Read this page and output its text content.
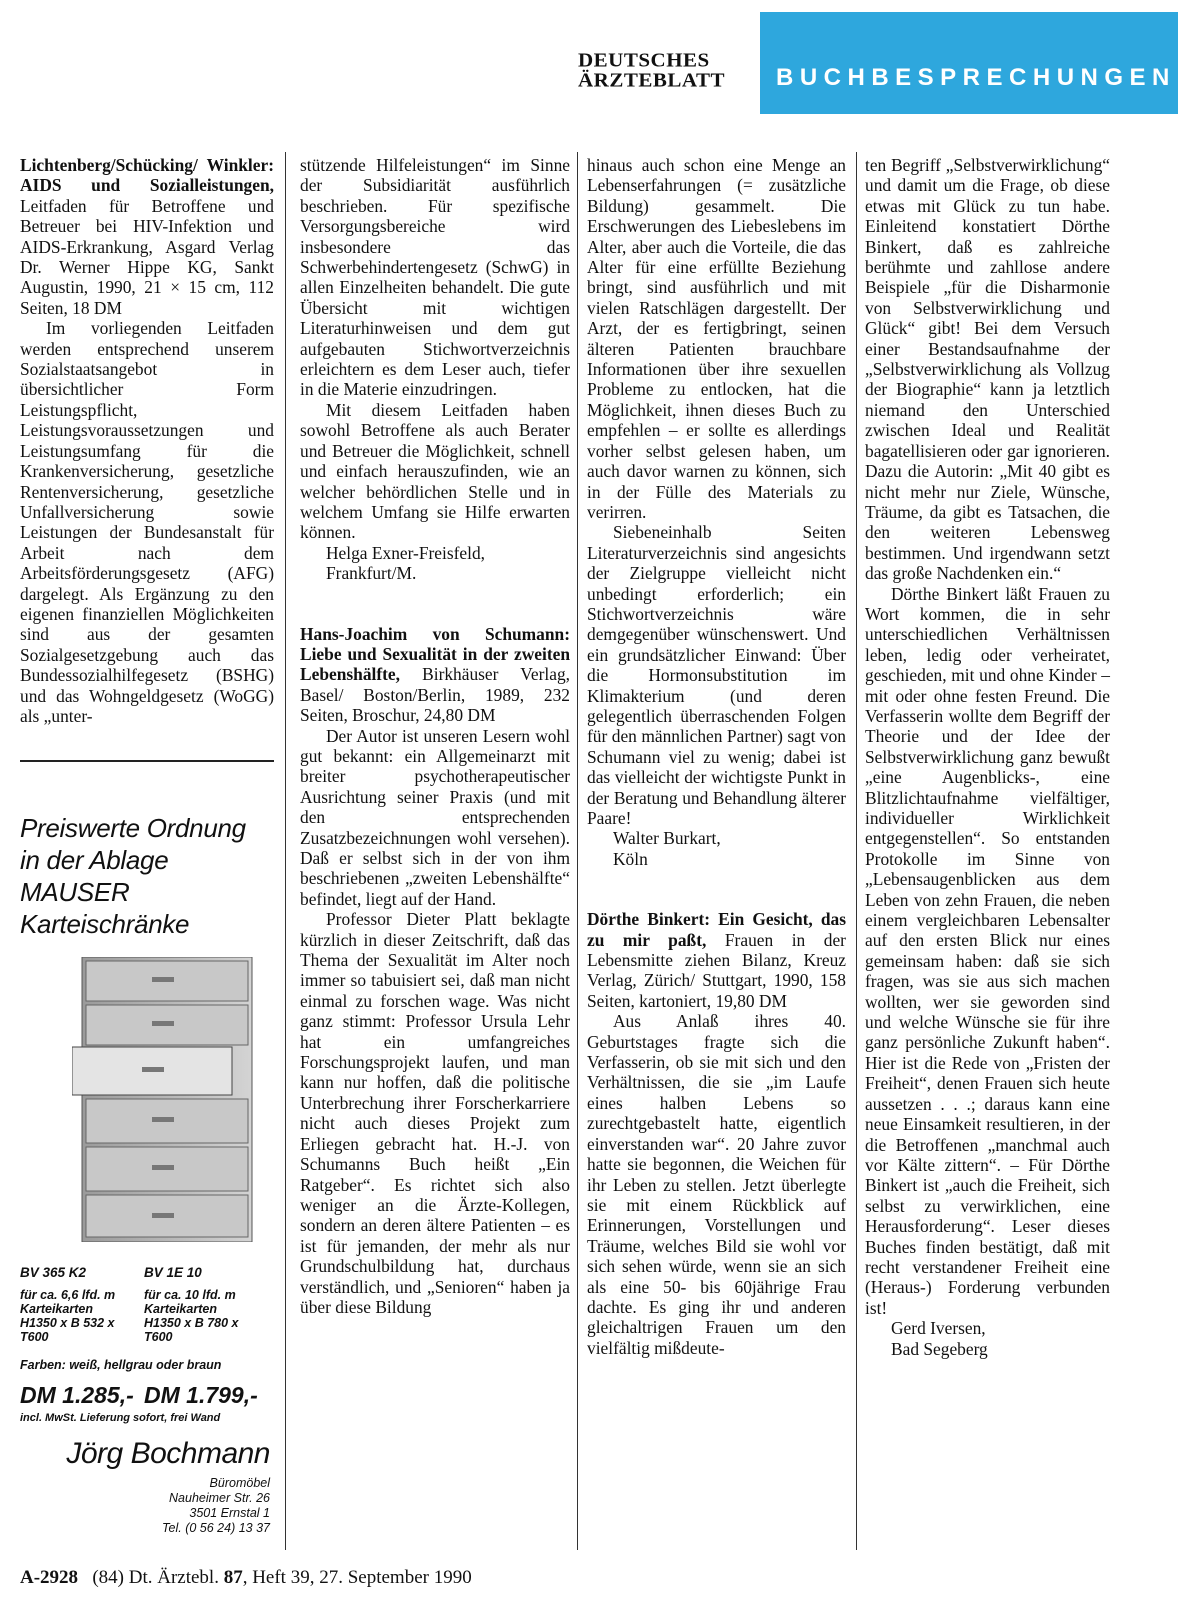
DEUTSCHES
ÄRZTEBLATT	BUCHBESPRECHUNGEN

Lichtenberg/Schücking/ Winkler: AIDS und Sozialleistungen, Leitfaden für Betroffene und Betreuer bei HIV-Infektion und AIDS-Erkrankung, Asgard Verlag Dr. Werner Hippe KG, Sankt Augustin, 1990, 21 × 15 cm, 112 Seiten, 18 DM

Im vorliegenden Leitfaden werden entsprechend unserem Sozialstaatsangebot in übersichtlicher Form Leistungspflicht, Leistungsvoraussetzungen und Leistungsumfang für die Krankenversicherung, gesetzliche Rentenversicherung, gesetzliche Unfallversicherung sowie Leistungen der Bundesanstalt für Arbeit nach dem Arbeitsförderungsgesetz (AFG) dargelegt. Als Ergänzung zu den eigenen finanziellen Möglichkeiten sind aus der gesamten Sozialgesetzgebung auch das Bundessozialhilfegesetz (BSHG) und das Wohngeldgesetz (WoGG) als „unter-

Preiswerte Ordnung
in der Ablage
MAUSER
Karteischränke
BV 365 K2
für ca. 6,6 lfd. m
Karteikarten
H1350 x B 532 x
T600
BV 1E 10
für ca. 10 lfd. m
Karteikarten
H1350 x B 780 x
T600
Farben: weiß, hellgrau oder braun
DM 1.285,- DM 1.799,-
incl. MwSt. Lieferung sofort, frei Wand
Jörg Bochmann
Büromöbel
Nauheimer Str. 26
3501 Ernstal 1
Tel. (0 56 24) 13 37

stützende Hilfeleistungen“ im Sinne der Subsidiarität ausführlich beschrieben. Für spezifische Versorgungsbereiche wird insbesondere das Schwerbehindertengesetz (SchwG) in allen Einzelheiten behandelt. Die gute Übersicht mit wichtigen Literaturhinweisen und dem gut aufgebauten Stichwortverzeichnis erleichtern es dem Leser auch, tiefer in die Materie einzudringen.

Mit diesem Leitfaden haben sowohl Betroffene als auch Berater und Betreuer die Möglichkeit, schnell und einfach herauszufinden, wie an welcher behördlichen Stelle und in welchem Umfang sie Hilfe erwarten können.

Helga Exner-Freisfeld,

Frankfurt/M.

Hans-Joachim von Schumann: Liebe und Sexualität in der zweiten Lebenshälfte, Birkhäuser Verlag, Basel/ Boston/Berlin, 1989, 232 Seiten, Broschur, 24,80 DM

Der Autor ist unseren Lesern wohl gut bekannt: ein Allgemeinarzt mit breiter psychotherapeutischer Ausrichtung seiner Praxis (und mit den entsprechenden Zusatzbezeichnungen wohl versehen). Daß er selbst sich in der von ihm beschriebenen „zweiten Lebenshälfte“ befindet, liegt auf der Hand.

Professor Dieter Platt beklagte kürzlich in dieser Zeitschrift, daß das Thema der Sexualität im Alter noch immer so tabuisiert sei, daß man nicht einmal zu forschen wage. Was nicht ganz stimmt: Professor Ursula Lehr hat ein umfangreiches Forschungsprojekt laufen, und man kann nur hoffen, daß die politische Unterbrechung ihrer Forscherkarriere nicht auch dieses Projekt zum Erliegen gebracht hat. H.-J. von Schumanns Buch heißt „Ein Ratgeber“. Es richtet sich also weniger an die Ärzte-Kollegen, sondern an deren ältere Patienten – es ist für jemanden, der mehr als nur Grundschulbildung hat, durchaus verständlich, und „Senioren“ haben ja über diese Bildung

hinaus auch schon eine Menge an Lebenserfahrungen (= zusätzliche Bildung) gesammelt. Die Erschwerungen des Liebeslebens im Alter, aber auch die Vorteile, die das Alter für eine erfüllte Beziehung bringt, sind ausführlich und mit vielen Ratschlägen dargestellt. Der Arzt, der es fertigbringt, seinen älteren Patienten brauchbare Informationen über ihre sexuellen Probleme zu entlocken, hat die Möglichkeit, ihnen dieses Buch zu empfehlen – er sollte es allerdings vorher selbst gelesen haben, um auch davor warnen zu können, sich in der Fülle des Materials zu verirren.

Siebeneinhalb Seiten Literaturverzeichnis sind angesichts der Zielgruppe vielleicht nicht unbedingt erforderlich; ein Stichwortverzeichnis wäre demgegenüber wünschenswert. Und ein grundsätzlicher Einwand: Über die Hormonsubstitution im Klimakterium (und deren gelegentlich überraschenden Folgen für den männlichen Partner) sagt von Schumann viel zu wenig; dabei ist das vielleicht der wichtigste Punkt in der Beratung und Behandlung älterer Paare!

Walter Burkart,

Köln

Dörthe Binkert: Ein Gesicht, das zu mir paßt, Frauen in der Lebensmitte ziehen Bilanz, Kreuz Verlag, Zürich/ Stuttgart, 1990, 158 Seiten, kartoniert, 19,80 DM

Aus Anlaß ihres 40. Geburtstages fragte sich die Verfasserin, ob sie mit sich und den Verhältnissen, die sie „im Laufe eines halben Lebens so zurechtgebastelt hatte, eigentlich einverstanden war“. 20 Jahre zuvor hatte sie begonnen, die Weichen für ihr Leben zu stellen. Jetzt überlegte sie mit einem Rückblick auf Erinnerungen, Vorstellungen und Träume, welches Bild sie wohl vor sich sehen würde, wenn sie an sich als eine 50- bis 60jährige Frau dachte. Es ging ihr und anderen gleichaltrigen Frauen um den vielfältig mißdeute-

ten Begriff „Selbstverwirklichung“ und damit um die Frage, ob diese etwas mit Glück zu tun habe. Einleitend konstatiert Dörthe Binkert, daß es zahlreiche berühmte und zahllose andere Beispiele „für die Disharmonie von Selbstverwirklichung und Glück“ gibt! Bei dem Versuch einer Bestandsaufnahme der „Selbstverwirklichung als Vollzug der Biographie“ kann ja letztlich niemand den Unterschied zwischen Ideal und Realität bagatellisieren oder gar ignorieren. Dazu die Autorin: „Mit 40 gibt es nicht mehr nur Ziele, Wünsche, Träume, da gibt es Tatsachen, die den weiteren Lebensweg bestimmen. Und irgendwann setzt das große Nachdenken ein.“

Dörthe Binkert läßt Frauen zu Wort kommen, die in sehr unterschiedlichen Verhältnissen leben, ledig oder verheiratet, geschieden, mit und ohne Kinder – mit oder ohne festen Freund. Die Verfasserin wollte dem Begriff der Theorie und der Idee der Selbstverwirklichung ganz bewußt „eine Augenblicks-, eine Blitzlichtaufnahme vielfältiger, individueller Wirklichkeit entgegenstellen“. So entstanden Protokolle im Sinne von „Lebensaugenblicken aus dem Leben von zehn Frauen, die neben einem vergleichbaren Lebensalter auf den ersten Blick nur eines gemeinsam haben: daß sie sich fragen, was sie aus sich machen wollten, wer sie geworden sind und welche Wünsche sie für ihre ganz persönliche Zukunft haben“. Hier ist die Rede von „Fristen der Freiheit“, denen Frauen sich heute aussetzen . . .; daraus kann eine neue Einsamkeit resultieren, in der die Betroffenen „manchmal auch vor Kälte zittern“. – Für Dörthe Binkert ist „auch die Freiheit, sich selbst zu verwirklichen, eine Herausforderung“. Leser dieses Buches finden bestätigt, daß mit recht verstandener Freiheit eine (Heraus-) Forderung verbunden ist!

Gerd Iversen,

Bad Segeberg

A-2928 (84) Dt. Ärztebl. 87, Heft 39, 27. September 1990
